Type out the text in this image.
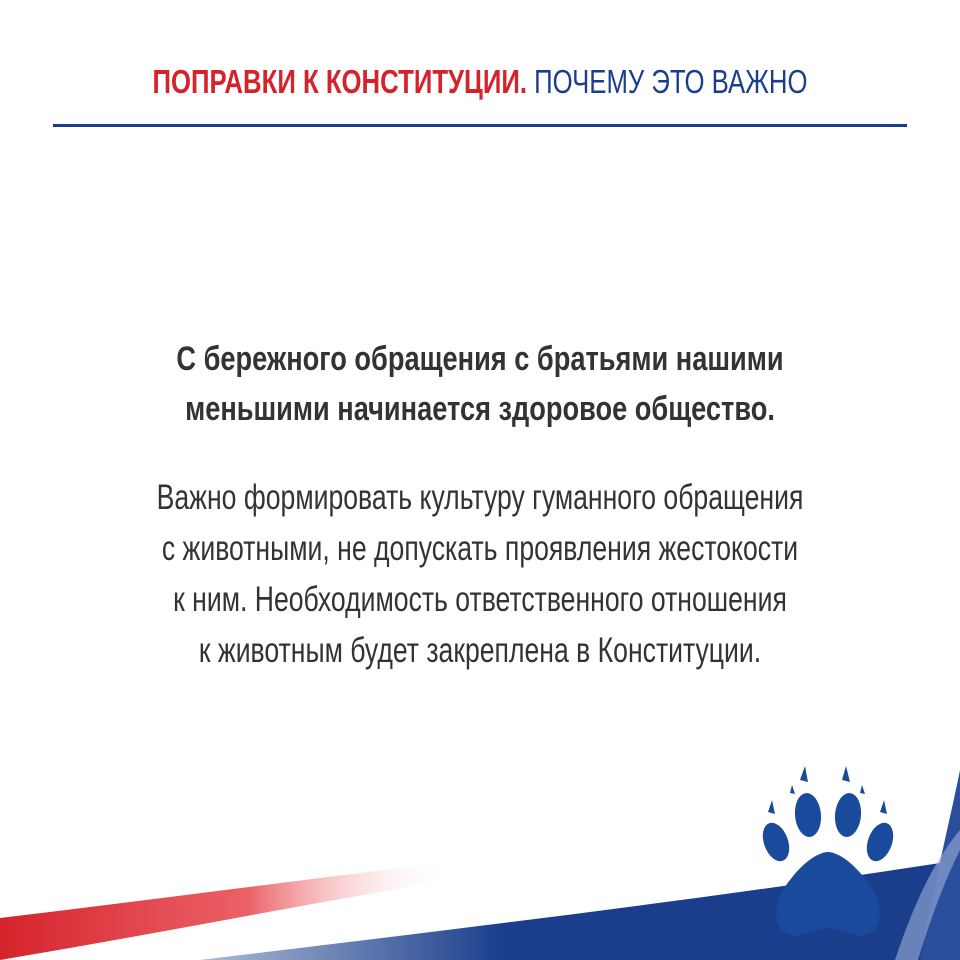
ПОПРАВКИ К КОНСТИТУЦИИ. ПОЧЕМУ ЭТО ВАЖНО
С бережного обращения с братьями нашими
меньшими начинается здоровое общество.
Важно формировать культуру гуманного обращения
с животными, не допускать проявления жестокости
к ним. Необходимость ответственного отношения
к животным будет закреплена в Конституции.
